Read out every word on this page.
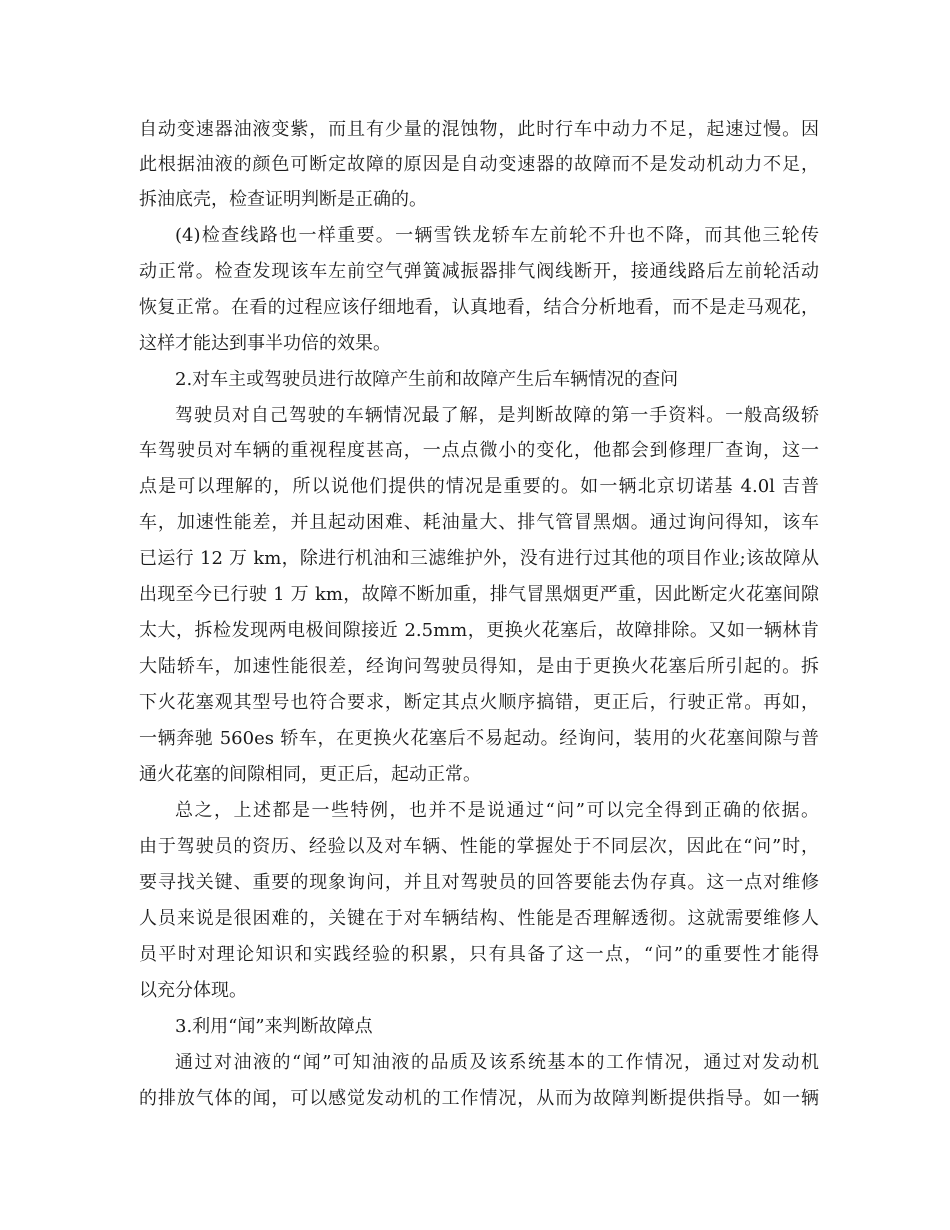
自动变速器油液变紫，而且有少量的混蚀物，此时行车中动力不足，起速过慢。因
此根据油液的颜色可断定故障的原因是自动变速器的故障而不是发动机动力不足，
拆油底壳，检查证明判断是正确的。
(4)检查线路也一样重要。一辆雪铁龙轿车左前轮不升也不降，而其他三轮传
动正常。检查发现该车左前空气弹簧减振器排气阀线断开，接通线路后左前轮活动
恢复正常。在看的过程应该仔细地看，认真地看，结合分析地看，而不是走马观花，
这样才能达到事半功倍的效果。
2.对车主或驾驶员进行故障产生前和故障产生后车辆情况的查问
驾驶员对自己驾驶的车辆情况最了解，是判断故障的第一手资料。一般高级轿
车驾驶员对车辆的重视程度甚高，一点点微小的变化，他都会到修理厂查询，这一
点是可以理解的，所以说他们提供的情况是重要的。如一辆北京切诺基 4.0l 吉普
车，加速性能差，并且起动困难、耗油量大、排气管冒黑烟。通过询问得知，该车
已运行 12 万 km，除进行机油和三滤维护外，没有进行过其他的项目作业;该故障从
出现至今已行驶 1 万 km，故障不断加重，排气冒黑烟更严重，因此断定火花塞间隙
太大，拆检发现两电极间隙接近 2.5mm，更换火花塞后，故障排除。又如一辆林肯
大陆轿车，加速性能很差，经询问驾驶员得知，是由于更换火花塞后所引起的。拆
下火花塞观其型号也符合要求，断定其点火顺序搞错，更正后，行驶正常。再如，
一辆奔驰 560es 轿车，在更换火花塞后不易起动。经询问，装用的火花塞间隙与普
通火花塞的间隙相同，更正后，起动正常。
总之，上述都是一些特例，也并不是说通过“问”可以完全得到正确的依据。
由于驾驶员的资历、经验以及对车辆、性能的掌握处于不同层次，因此在“问”时，
要寻找关键、重要的现象询问，并且对驾驶员的回答要能去伪存真。这一点对维修
人员来说是很困难的，关键在于对车辆结构、性能是否理解透彻。这就需要维修人
员平时对理论知识和实践经验的积累，只有具备了这一点，“问”的重要性才能得
以充分体现。
3.利用“闻”来判断故障点
通过对油液的“闻”可知油液的品质及该系统基本的工作情况，通过对发动机
的排放气体的闻，可以感觉发动机的工作情况，从而为故障判断提供指导。如一辆
